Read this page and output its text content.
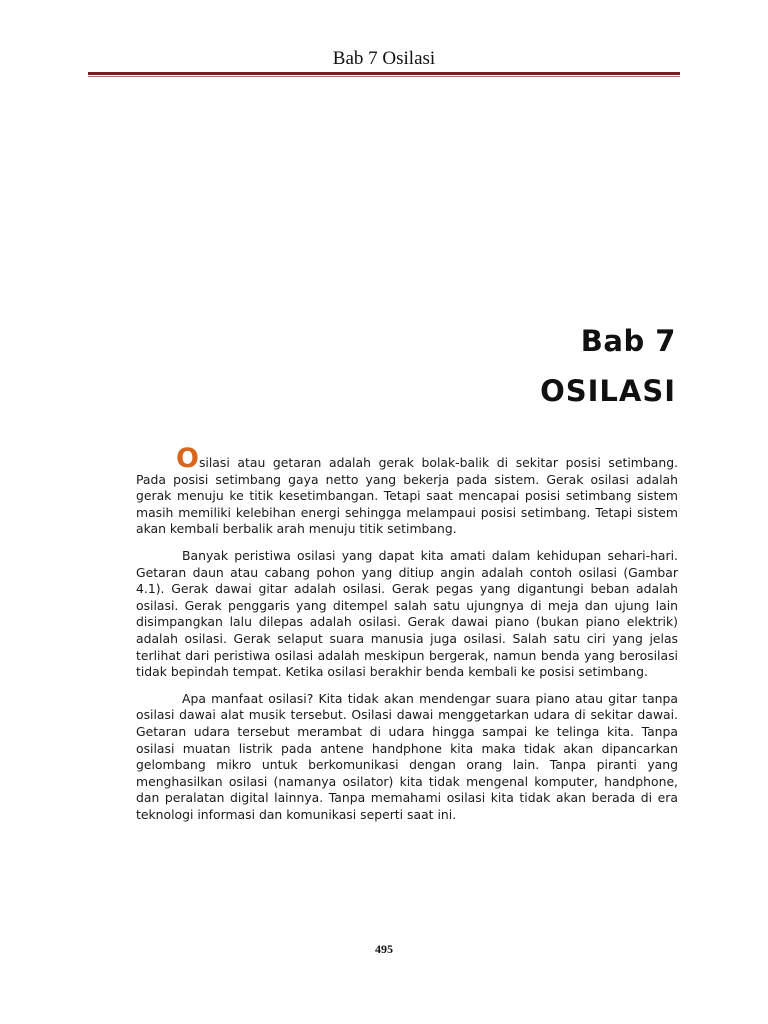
Bab 7 Osilasi
Bab 7
OSILASI

Osilasi atau getaran adalah gerak bolak-balik di sekitar posisi setimbang. Pada posisi setimbang gaya netto yang bekerja pada sistem. Gerak osilasi adalah gerak menuju ke titik kesetimbangan. Tetapi saat mencapai posisi setimbang sistem masih memiliki kelebihan energi sehingga melampaui posisi setimbang. Tetapi sistem akan kembali berbalik arah menuju titik setimbang.

Banyak peristiwa osilasi yang dapat kita amati dalam kehidupan sehari-hari. Getaran daun atau cabang pohon yang ditiup angin adalah contoh osilasi (Gambar 4.1). Gerak dawai gitar adalah osilasi. Gerak pegas yang digantungi beban adalah osilasi. Gerak penggaris yang ditempel salah satu ujungnya di meja dan ujung lain disimpangkan lalu dilepas adalah osilasi. Gerak dawai piano (bukan piano elektrik) adalah osilasi. Gerak selaput suara manusia juga osilasi. Salah satu ciri yang jelas terlihat dari peristiwa osilasi adalah meskipun bergerak, namun benda yang berosilasi tidak bepindah tempat. Ketika osilasi berakhir benda kembali ke posisi setimbang.

Apa manfaat osilasi? Kita tidak akan mendengar suara piano atau gitar tanpa osilasi dawai alat musik tersebut. Osilasi dawai menggetarkan udara di sekitar dawai. Getaran udara tersebut merambat di udara hingga sampai ke telinga kita. Tanpa osilasi muatan listrik pada antene handphone kita maka tidak akan dipancarkan gelombang mikro untuk berkomunikasi dengan orang lain. Tanpa piranti yang menghasilkan osilasi (namanya osilator) kita tidak mengenal komputer, handphone, dan peralatan digital lainnya. Tanpa memahami osilasi kita tidak akan berada di era teknologi informasi dan komunikasi seperti saat ini.

495
